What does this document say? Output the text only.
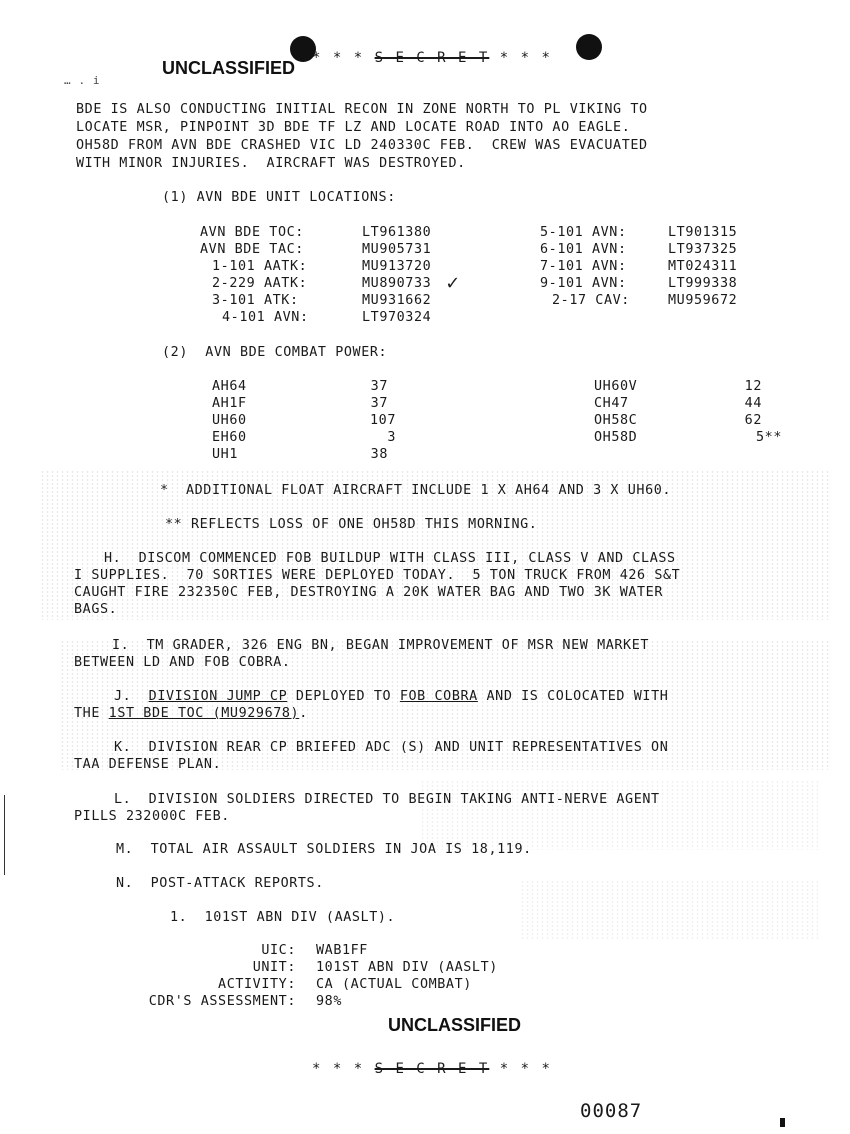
UNCLASSIFIED * * * S E C R E T * * *
… . i
BDE IS ALSO CONDUCTING INITIAL RECON IN ZONE NORTH TO PL VIKING TO
LOCATE MSR, PINPOINT 3D BDE TF LZ AND LOCATE ROAD INTO AO EAGLE.
OH58D FROM AVN BDE CRASHED VIC LD 240330C FEB.  CREW WAS EVACUATED
WITH MINOR INJURIES.  AIRCRAFT WAS DESTROYED.
(1) AVN BDE UNIT LOCATIONS:
AVN BDE TOC:	LT961380
AVN BDE TAC:	MU905731
1-101 AATK:	MU913720
2-229 AATK:	MU890733 ✓
3-101 ATK:	MU931662
4-101 AVN:	LT970324
5-101 AVN:	LT901315
6-101 AVN:	LT937325
7-101 AVN:	MT024311
9-101 AVN:	LT999338
2-17 CAV:	MU959672
(2)  AVN BDE COMBAT POWER:
AH64	37
AH1F	37
UH60	107
EH60	3
UH1	38
UH60V	12
CH47	44
OH58C	62
OH58D	5**
*  ADDITIONAL FLOAT AIRCRAFT INCLUDE 1 X AH64 AND 3 X UH60.
** REFLECTS LOSS OF ONE OH58D THIS MORNING.
H.  DISCOM COMMENCED FOB BUILDUP WITH CLASS III, CLASS V AND CLASS
I SUPPLIES.  70 SORTIES WERE DEPLOYED TODAY.  5 TON TRUCK FROM 426 S&T
CAUGHT FIRE 232350C FEB, DESTROYING A 20K WATER BAG AND TWO 3K WATER
BAGS.
I.  TM GRADER, 326 ENG BN, BEGAN IMPROVEMENT OF MSR NEW MARKET
BETWEEN LD AND FOB COBRA.
J.  DIVISION JUMP CP DEPLOYED TO FOB COBRA AND IS COLOCATED WITH
THE 1ST BDE TOC (MU929678).
K.  DIVISION REAR CP BRIEFED ADC (S) AND UNIT REPRESENTATIVES ON
TAA DEFENSE PLAN.
L.  DIVISION SOLDIERS DIRECTED TO BEGIN TAKING ANTI-NERVE AGENT
PILLS 232000C FEB.
M.  TOTAL AIR ASSAULT SOLDIERS IN JOA IS 18,119.
N.  POST-ATTACK REPORTS.
1.  101ST ABN DIV (AASLT).
UIC: WAB1FF
UNIT: 101ST ABN DIV (AASLT)
ACTIVITY: CA (ACTUAL COMBAT)
CDR'S ASSESSMENT: 98%
UNCLASSIFIED
* * * S E C R E T * * *
00087
